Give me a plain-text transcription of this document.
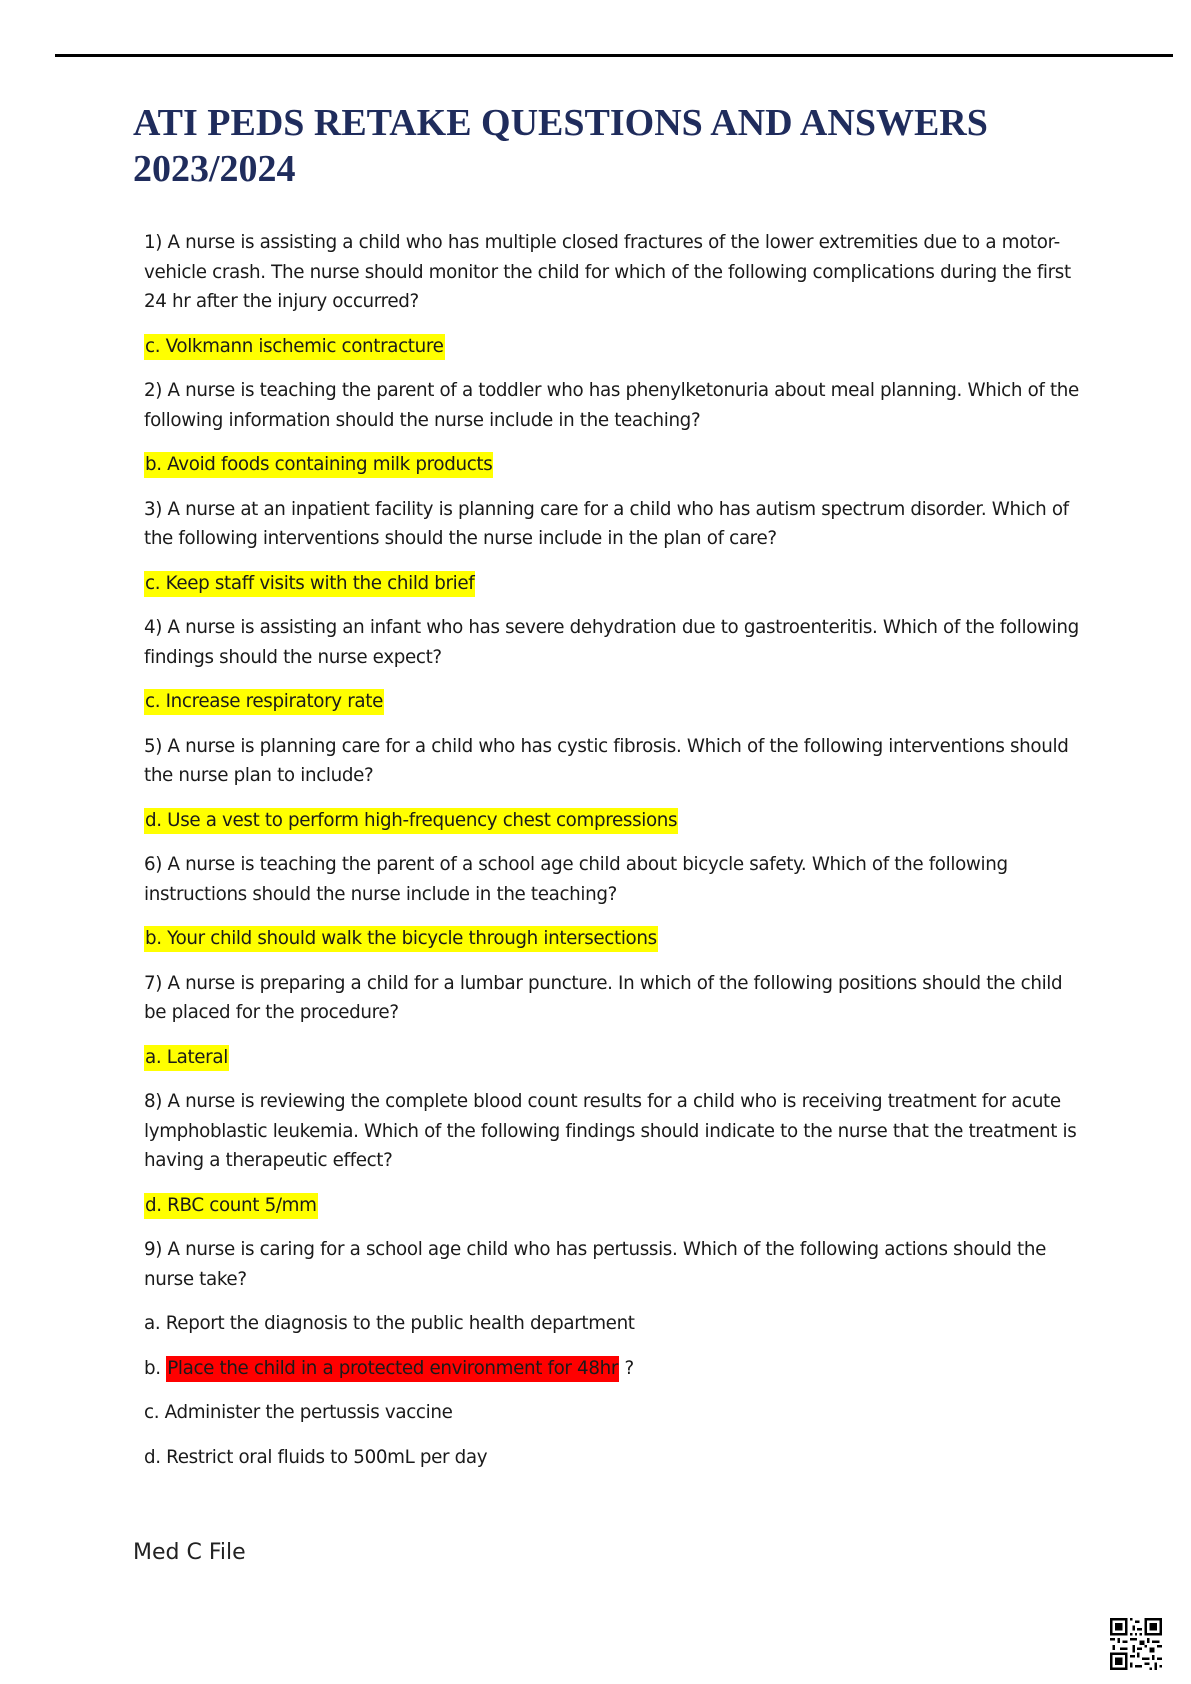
ATI PEDS RETAKE QUESTIONS AND ANSWERS 2023/2024

1) A nurse is assisting a child who has multiple closed fractures of the lower extremities due to a motor-vehicle crash. The nurse should monitor the child for which of the following complications during the first 24 hr after the injury occurred?

c. Volkmann ischemic contracture

2) A nurse is teaching the parent of a toddler who has phenylketonuria about meal planning. Which of the following information should the nurse include in the teaching?

b. Avoid foods containing milk products

3) A nurse at an inpatient facility is planning care for a child who has autism spectrum disorder. Which of the following interventions should the nurse include in the plan of care?

c. Keep staff visits with the child brief

4) A nurse is assisting an infant who has severe dehydration due to gastroenteritis. Which of the following findings should the nurse expect?

c. Increase respiratory rate

5) A nurse is planning care for a child who has cystic fibrosis. Which of the following interventions should the nurse plan to include?

d. Use a vest to perform high-frequency chest compressions

6) A nurse is teaching the parent of a school age child about bicycle safety. Which of the following instructions should the nurse include in the teaching?

b. Your child should walk the bicycle through intersections

7) A nurse is preparing a child for a lumbar puncture. In which of the following positions should the child be placed for the procedure?

a. Lateral

8) A nurse is reviewing the complete blood count results for a child who is receiving treatment for acute lymphoblastic leukemia. Which of the following findings should indicate to the nurse that the treatment is having a therapeutic effect?

d. RBC count 5/mm

9) A nurse is caring for a school age child who has pertussis. Which of the following actions should the nurse take?

a. Report the diagnosis to the public health department

b. Place the child in a protected environment for 48hr ?

c. Administer the pertussis vaccine

d. Restrict oral fluids to 500mL per day

Med C File
